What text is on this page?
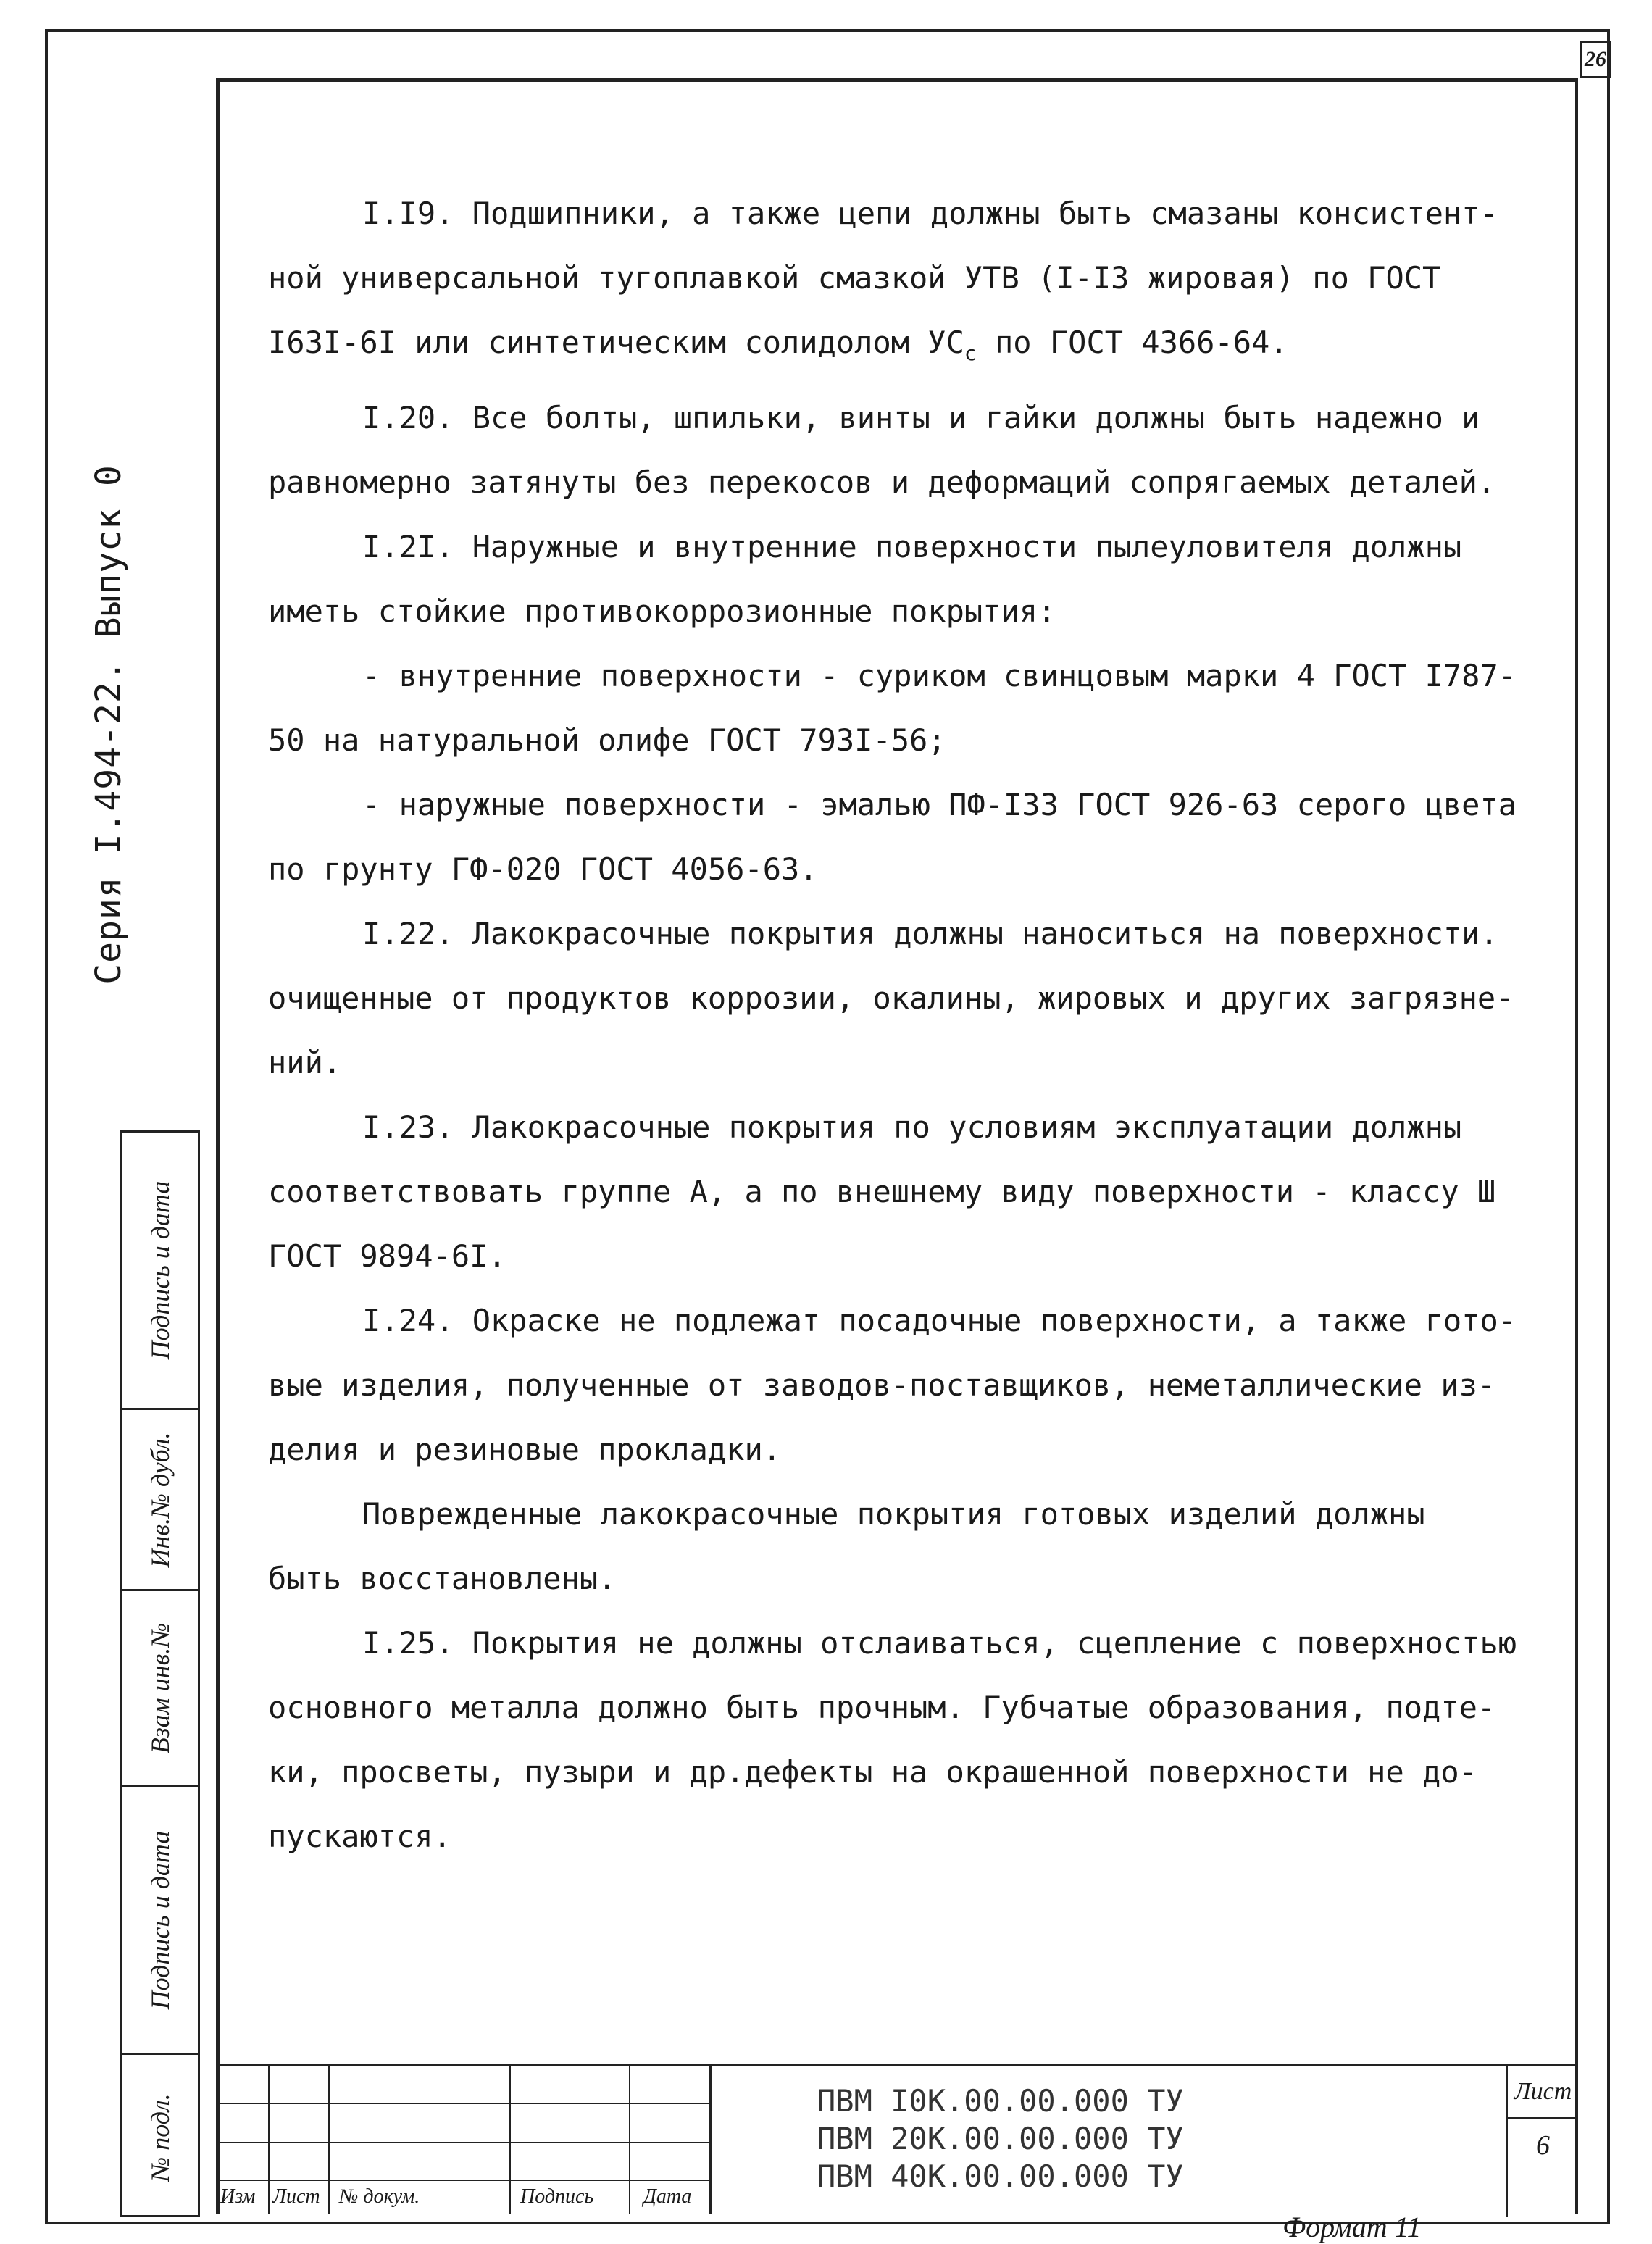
26
Серия I.494-22. Выпуск 0
Подпись и дата
Инв.№ дубл.
Взам инв.№
Подпись и дата
№ подл.

I.I9. Подшипники, а также цепи должны быть смазаны консистент-

ной универсальной тугоплавкой смазкой УТВ (I-I3 жировая) по ГОСТ

I63I-6I или синтетическим солидолом $УС_с$ по ГОСТ 4366-64.

I.20. Все болты, шпильки, винты и гайки должны быть надежно и

равномерно затянуты без перекосов и деформаций сопрягаемых деталей.

I.2I. Наружные и внутренние поверхности пылеуловителя должны

иметь стойкие противокоррозионные покрытия:

- внутренние поверхности - суриком свинцовым марки 4 ГОСТ I787-

50 на натуральной олифе ГОСТ 793I-56;

- наружные поверхности - эмалью ПФ-I33 ГОСТ 926-63 серого цвета

по грунту ГФ-020 ГОСТ 4056-63.

I.22. Лакокрасочные покрытия должны наноситься на поверхности.

очищенные от продуктов коррозии, окалины, жировых и других загрязне-

ний.

I.23. Лакокрасочные покрытия по условиям эксплуатации должны

соответствовать группе А, а по внешнему виду поверхности - классу Ш

ГОСТ 9894-6I.

I.24. Окраске не подлежат посадочные поверхности, а также гото-

вые изделия, полученные от заводов-поставщиков, неметаллические из-

делия и резиновые прокладки.

Поврежденные лакокрасочные покрытия готовых изделий должны

быть восстановлены.

I.25. Покрытия не должны отслаиваться, сцепление с поверхностью

основного металла должно быть прочным. Губчатые образования, подте-

ки, просветы, пузыри и др.дефекты на окрашенной поверхности не до-

пускаются.

Изм Лист № докум.	Подпись Дата
ПВМ I0К.00.00.000 ТУ
ПВМ 20К.00.00.000 ТУ
ПВМ 40К.00.00.000 ТУ
Лист
6
Формат 11
